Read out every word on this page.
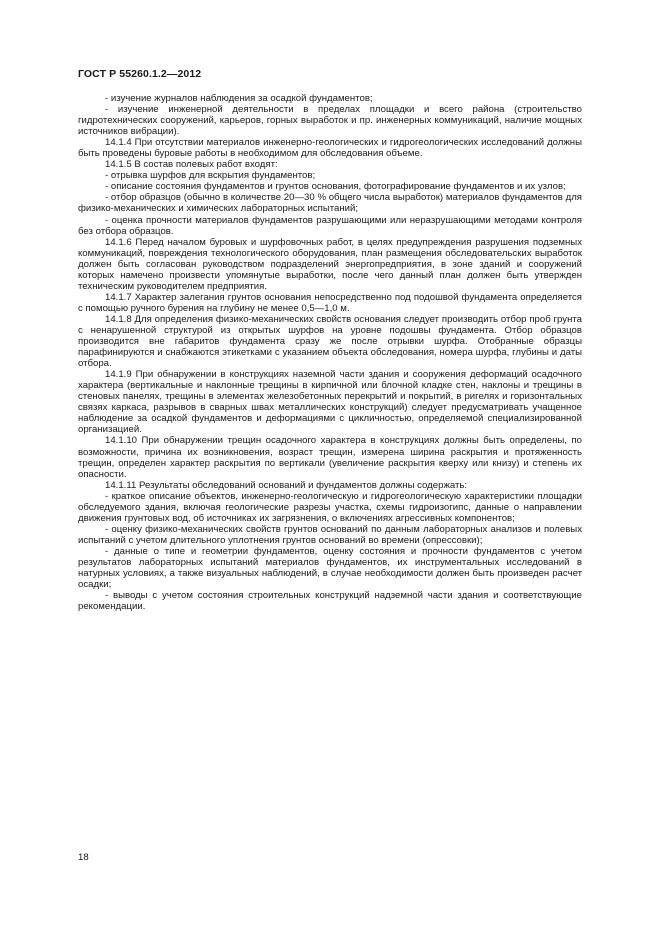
ГОСТ Р 55260.1.2—2012

- изучение журналов наблюдения за осадкой фундаментов;

- изучение инженерной деятельности в пределах площадки и всего района (строительство гидротехнических сооружений, карьеров, горных выработок и пр. инженерных коммуникаций, наличие мощных источников вибрации).

14.1.4 При отсутствии материалов инженерно-геологических и гидрогеологических исследований должны быть проведены буровые работы в необходимом для обследования объеме.

14.1.5 В состав полевых работ входят:

- отрывка шурфов для вскрытия фундаментов;

- описание состояния фундаментов и грунтов основания, фотографирование фундаментов и их узлов;

- отбор образцов (обычно в количестве 20—30 % общего числа выработок) материалов фундаментов для физико-механических и химических лабораторных испытаний;

- оценка прочности материалов фундаментов разрушающими или неразрушающими методами контроля без отбора образцов.

14.1.6 Перед началом буровых и шурфовочных работ, в целях предупреждения разрушения подземных коммуникаций, повреждения технологического оборудования, план размещения обследовательских выработок должен быть согласован руководством подразделений энергопредприятия, в зоне зданий и сооружений которых намечено произвести упомянутые выработки, после чего данный план должен быть утвержден техническим руководителем предприятия.

14.1.7 Характер залегания грунтов основания непосредственно под подошвой фундамента определяется с помощью ручного бурения на глубину не менее 0,5—1,0 м.

14.1.8 Для определения физико-механических свойств основания следует производить отбор проб грунта с ненарушенной структурой из открытых шурфов на уровне подошвы фундамента. Отбор образцов производится вне габаритов фундамента сразу же после отрывки шурфа. Отобранные образцы парафинируются и снабжаются этикетками с указанием объекта обследования, номера шурфа, глубины и даты отбора.

14.1.9 При обнаружении в конструкциях наземной части здания и сооружения деформаций осадочного характера (вертикальные и наклонные трещины в кирпичной или блочной кладке стен, наклоны и трещины в стеновых панелях, трещины в элементах железобетонных перекрытий и покрытий, в ригелях и горизонтальных связях каркаса, разрывов в сварных швах металлических конструкций) следует предусматривать учащенное наблюдение за осадкой фундаментов и деформациями с цикличностью, определяемой специализированной организацией.

14.1.10 При обнаружении трещин осадочного характера в конструкциях должны быть определены, по возможности, причина их возникновения, возраст трещин, измерена ширина раскрытия и протяженность трещин, определен характер раскрытия по вертикали (увеличение раскрытия кверху или книзу) и степень их опасности.

14.1.11 Результаты обследований оснований и фундаментов должны содержать:

- краткое описание объектов, инженерно-геологическую и гидрогеологическую характеристики площадки обследуемого здания, включая геологические разрезы участка, схемы гидроизогипс, данные о направлении движения грунтовых вод, об источниках их загрязнения, о включениях агрессивных компонентов;

- оценку физико-механических свойств грунтов оснований по данным лабораторных анализов и полевых испытаний с учетом длительного уплотнения грунтов оснований во времени (опрессовки);

- данные о типе и геометрии фундаментов, оценку состояния и прочности фундаментов с учетом результатов лабораторных испытаний материалов фундаментов, их инструментальных исследований в натурных условиях, а также визуальных наблюдений, в случае необходимости должен быть произведен расчет осадки;

- выводы с учетом состояния строительных конструкций надземной части здания и соответствующие рекомендации.

18
